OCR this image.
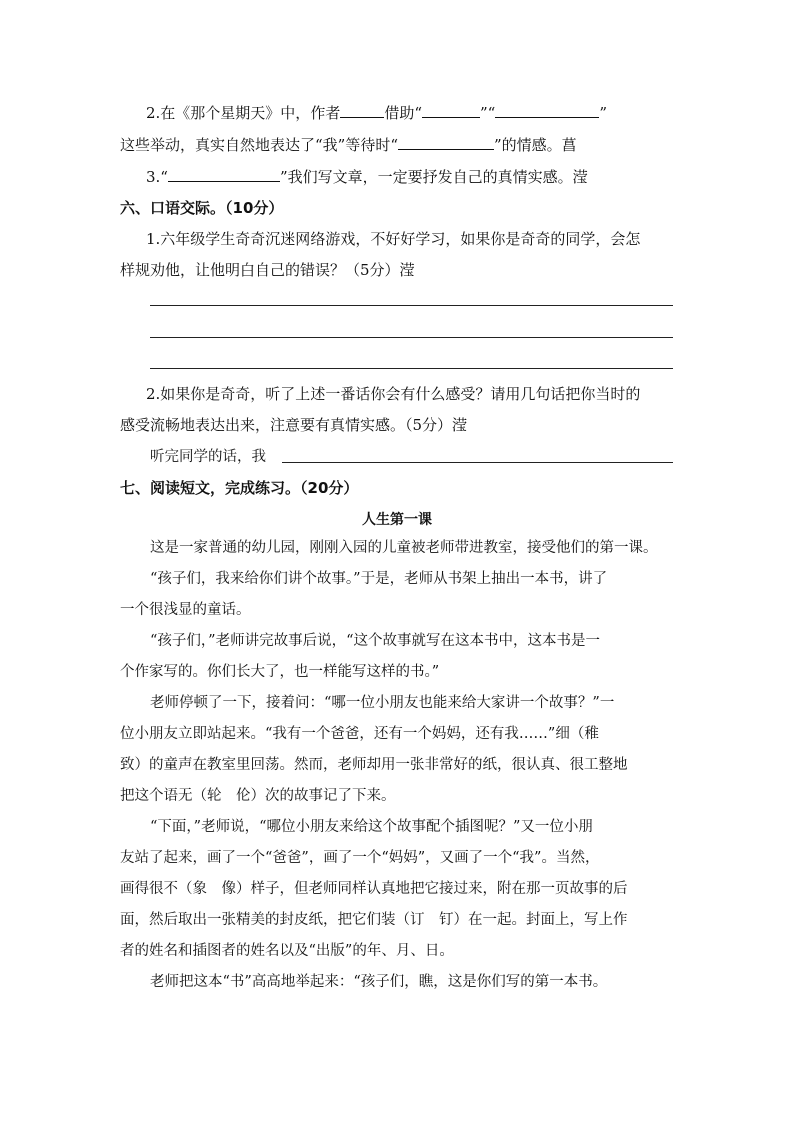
2.在《那个星期天》中，作者	借助“	”“	”
这些举动，真实自然地表达了“我”等待时“	”的情感。菖
3.“	”我们写文章，一定要抒发自己的真情实感。滢
六、口语交际。（10分）
1.六年级学生奇奇沉迷网络游戏，不好好学习，如果你是奇奇的同学，会怎
样规劝他，让他明白自己的错误？（5分）滢
2.如果你是奇奇，听了上述一番话你会有什么感受？请用几句话把你当时的
感受流畅地表达出来，注意要有真情实感。（5分）滢
听完同学的话，我
七、阅读短文，完成练习。（20分）
人生第一课
这是一家普通的幼儿园，刚刚入园的儿童被老师带进教室，接受他们的第一课。
“孩子们，我来给你们讲个故事。”于是，老师从书架上抽出一本书，讲了
一个很浅显的童话。
“孩子们，”老师讲完故事后说，“这个故事就写在这本书中，这本书是一
个作家写的。你们长大了，也一样能写这样的书。”
老师停顿了一下，接着问：“哪一位小朋友也能来给大家讲一个故事？”一
位小朋友立即站起来。“我有一个爸爸，还有一个妈妈，还有我……”细（稚
致）的童声在教室里回荡。然而，老师却用一张非常好的纸，很认真、很工整地
把这个语无（轮　伦）次的故事记了下来。
“下面，”老师说，“哪位小朋友来给这个故事配个插图呢？”又一位小朋
友站了起来，画了一个“爸爸”，画了一个“妈妈”，又画了一个“我”。当然，
画得很不（象　像）样子，但老师同样认真地把它接过来，附在那一页故事的后
面，然后取出一张精美的封皮纸，把它们装（订　钉）在一起。封面上，写上作
者的姓名和插图者的姓名以及“出版”的年、月、日。
老师把这本“书”高高地举起来：“孩子们，瞧，这是你们写的第一本书。
